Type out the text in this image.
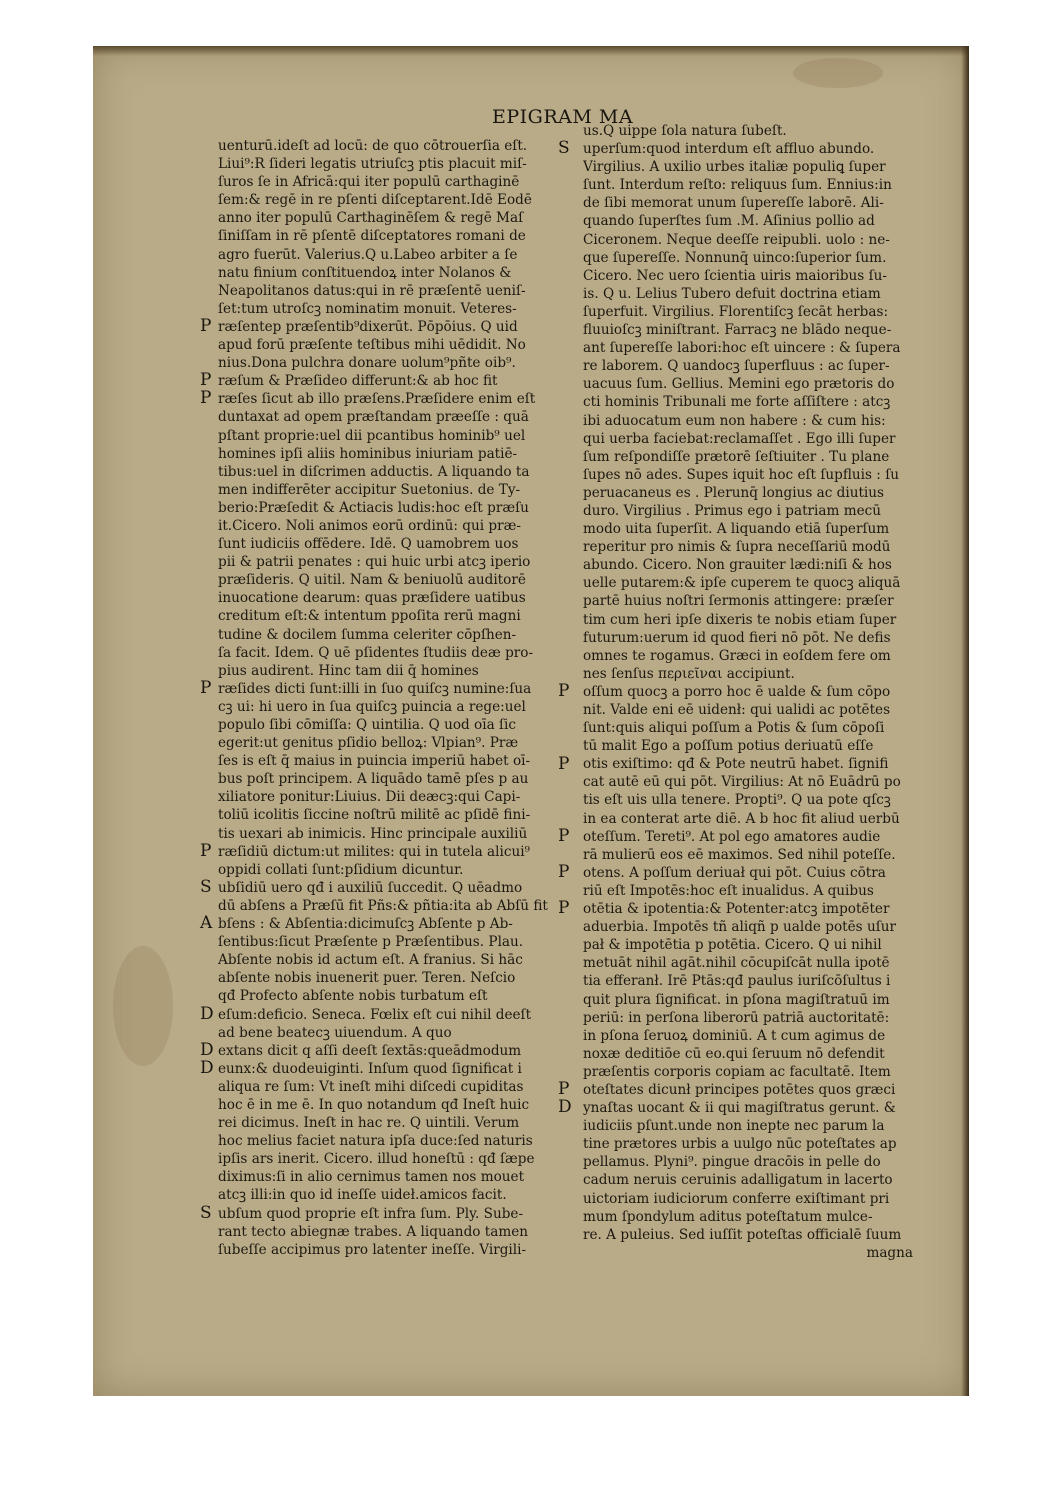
EPIGRAM MA
uenturū.ideſt ad locū: de quo cōtrouerſia eſt.
Liui⁹:R ſideri legatis utriuſcꝫ ptis placuit miſ-
ſuros ſe in Africā:qui iter populū carthaginē
ſem:& regē in re pſenti diſceptarent.Idē Eodē
anno iter populū Carthaginēſem & regē Maſ
ſiniſſam in rē pſentē diſceptatores romani de
agro fuerūt. Valerius.Q u.Labeo arbiter a ſe
natu finium conſtituendoꝝ inter Nolanos &
Neapolitanos datus:qui in rē præſentē ueniſ-
ſet:tum utroſcꝫ nominatim monuit. Veteres-
ræſentep præſentib⁹dixerūt. Pōpōius. Q uid
apud forū præſente teſtibus mihi uēdidit. No
nius.Dona pulchra donare uolum⁹pñte oib⁹.
ræſum & Præſideo differunt:& ab hoc fit
ræſes ſicut ab illo præſens.Præſidere enim eſt
duntaxat ad opem præſtandam præeſſe : quā
pſtant proprie:uel dii pcantibus hominib⁹ uel
homines ipſi aliis hominibus iniuriam patiē-
tibus:uel in diſcrimen adductis. A liquando ta
men indifferēter accipitur Suetonius. de Ty-
berio:Præſedit & Actiacis ludis:hoc eſt præſu
it.Cicero. Noli animos eorū ordinū: qui præ-
ſunt iudiciis offēdere. Idē. Q uamobrem uos
pii & patrii penates : qui huic urbi atcꝫ iperio
præſideris. Q uitil. Nam & beniuolū auditorē
inuocatione dearum: quas præſidere uatibus
creditum eſt:& intentum ppoſita rerū magni
tudine & docilem ſumma celeriter cōpſhen-
ſa facit. Idem. Q uē pſidentes ſtudiis deæ pro-
pius audirent. Hinc tam dii q̄ homines
ræſides dicti ſunt:illi in ſuo quiſcꝫ numine:ſua
cꝫ ui: hi uero in ſua quiſcꝫ puincia a rege:uel
populo ſibi cōmiſſa: Q uintilia. Q uod oīa ſic
egerit:ut genitus pſidio belloꝝ: Vlpian⁹. Præ
ſes is eſt q̄ maius in puincia imperiū habet oī-
bus poſt principem. A liquādo tamē pſes p au
xiliatore ponitur:Liuius. Dii deæcꝫ:qui Capi-
toliū icolitis ſiccine noſtrū militē ac pſidē fini-
tis uexari ab inimicis. Hinc principale auxiliū
ræſidiū dictum:ut milites: qui in tutela alicui⁹
oppidi collati ſunt:pſidium dicuntur.
ubſidiū uero qđ i auxiliū ſuccedit. Q uēadmo
dū abſens a Præſū fit Pñs:& pñtia:ita ab Abſū fit
bſens : & Abſentia:dicimuſcꝫ Abſente p Ab-
ſentibus:ſicut Præſente p Præſentibus. Plau.
Abſente nobis id actum eſt. A franius. Si hāc
abſente nobis inuenerit puer. Teren. Neſcio
qđ Profecto abſente nobis turbatum eſt
eſum:deficio. Seneca. Fœlix eſt cui nihil deeſt
ad bene beatecꝫ uiuendum. A quo
extans dicit q aſſi deeſt ſextās:queādmodum
eunx:& duodeuiginti. Inſum quod ſignificat i
aliqua re ſum: Vt ineſt mihi diſcedi cupiditas
hoc ē in me ē. In quo notandum qđ Ineſt huic
rei dicimus. Ineſt in hac re. Q uintili. Verum
hoc melius faciet natura ipſa duce:ſed naturis
ipſis ars inerit. Cicero. illud honeſtū : qđ ſæpe
diximus:ſi in alio cernimus tamen nos mouet
atcꝫ illi:in quo id ineſſe uideł.amicos facit.
ubſum quod proprie eſt infra ſum. Ply. Sube-
rant tecto abiegnæ trabes. A liquando tamen
ſubeſſe accipimus pro latenter ineſſe. Virgili-
us.Q uippe ſola natura ſubeſt.
uperſum:quod interdum eſt affluo abundo.
Virgilius. A uxilio urbes italiæ populiꝗ ſuper
ſunt. Interdum reſto: reliquus ſum. Ennius:in
de ſibi memorat unum ſupereſſe laborē. Ali-
quando ſuperſtes ſum .M. Aſinius pollio ad
Ciceronem. Neque deeſſe reipubli. uolo : ne-
que ſupereſſe. Nonnunq̄ uinco:ſuperior ſum.
Cicero. Nec uero ſcientia uiris maioribus ſu-
is. Q u. Lelius Tubero defuit doctrina etiam
ſuperfuit. Virgilius. Florentiſcꝫ ſecāt herbas:
fluuioſcꝫ miniſtrant. Farracꝫ ne blādo neque-
ant ſupereſſe labori:hoc eſt uincere : & ſupera
re laborem. Q uandocꝫ ſuperfluus : ac ſuper-
uacuus ſum. Gellius. Memini ego prætoris do
cti hominis Tribunali me forte aſſiſtere : atcꝫ
ibi aduocatum eum non habere : & cum his:
qui uerba faciebat:reclamaſſet . Ego illi ſuper
ſum reſpondiſſe prætorē ſeſtiuiter . Tu plane
ſupes nō ades. Supes iquit hoc eſt ſupfluis : ſu
peruacaneus es . Plerunq̄ longius ac diutius
duro. Virgilius . Primus ego i patriam mecū
modo uita ſuperſit. A liquando etiā ſuperſum
reperitur pro nimis & ſupra neceſſariū modū
abundo. Cicero. Non grauiter lædi:niſi & hos
uelle putarem:& ipſe cuperem te quocꝫ aliquā
partē huius noſtri ſermonis attingere: præſer
tim cum heri ipſe dixeris te nobis etiam ſuper
futurum:uerum id quod fieri nō pōt. Ne defis
omnes te rogamus. Græci in eoſdem fere om
nes ſenſus περιεῖναι accipiunt.
oſſum quocꝫ a porro hoc ē ualde & ſum cōpo
nit. Valde eni eē uidenł: qui ualidi ac potētes
ſunt:quis aliqui poſſum a Potis & ſum cōpoſi
tū malit Ego a poſſum potius deriuatū eſſe
otis exiſtimo: qđ & Pote neutrū habet. ſignifi
cat autē eū qui pōt. Virgilius: At nō Euādrū po
tis eſt uis ulla tenere. Propti⁹. Q ua pote qſcꝫ
in ea conterat arte diē. A b hoc fit aliud uerbū
oteſſum. Tereti⁹. At pol ego amatores audie
rā mulierū eos eē maximos. Sed nihil poteſſe.
otens. A poſſum deriuał qui pōt. Cuius cōtra
riū eſt Impotēs:hoc eſt inualidus. A quibus
otētia & ipotentia:& Potenter:atcꝫ impotēter
aduerbia. Impotēs tñ aliqñ p ualde potēs uſur
pał & impotētia p potētia. Cicero. Q ui nihil
metuāt nihil agāt.nihil cōcupiſcāt nulla ipotē
tia efferanł. Irē Ptās:qđ paulus iuriſcōſultus i
quit plura ſignificat. in pſona magiſtratuū im
periū: in perſona liberorū patriā auctoritatē:
in pſona ſeruoꝝ dominiū. A t cum agimus de
noxæ deditiōe cū eo.qui ſeruum nō defendit
præſentis corporis copiam ac facultatē. Item
oteſtates dicunł principes potētes quos græci
ynaſtas uocant & ii qui magiſtratus gerunt. &
iudiciis pſunt.unde non inepte nec parum la
tine prætores urbis a uulgo nūc poteſtates ap
pellamus. Plyni⁹. pingue dracōis in pelle do
cadum neruis ceruinis adalligatum in lacerto
uictoriam iudiciorum conferre exiſtimant pri
mum ſpondylum aditus poteſtatum mulce-
re. A puleius. Sed iuſſit poteſtas officialē ſuum
magna
P
P
P
P
P
S
A
D
D
D
S
S
P
P
P
P
P
P
D
